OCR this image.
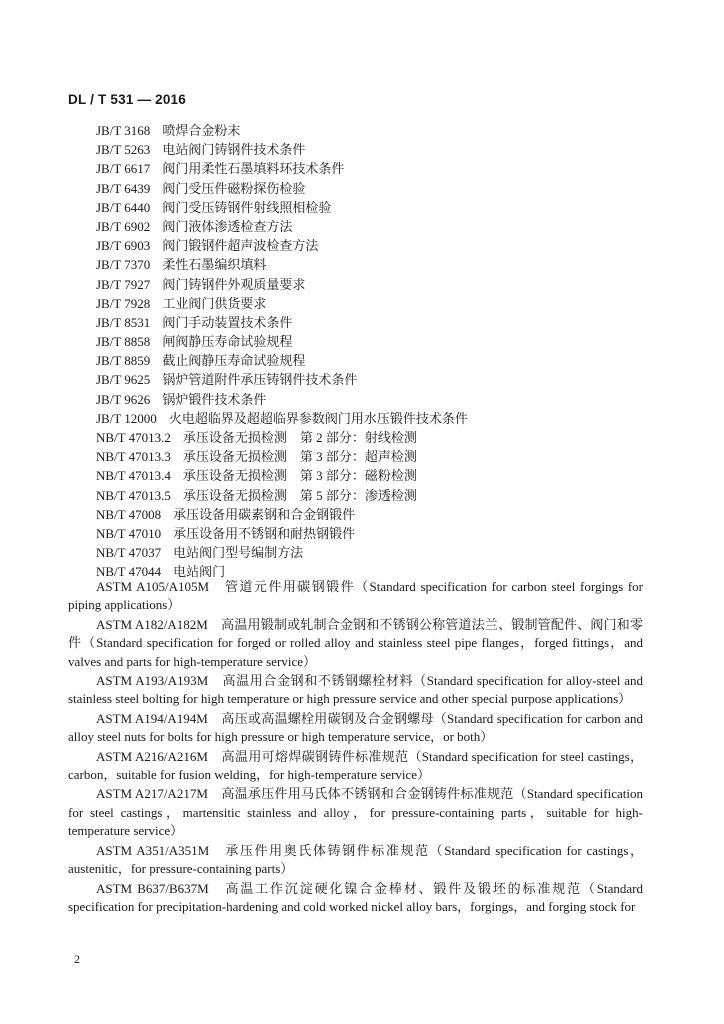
DL / T 531 — 2016
JB/T 3168 喷焊合金粉末
JB/T 5263 电站阀门铸钢件技术条件
JB/T 6617 阀门用柔性石墨填料环技术条件
JB/T 6439 阀门受压件磁粉探伤检验
JB/T 6440 阀门受压铸钢件射线照相检验
JB/T 6902 阀门液体渗透检查方法
JB/T 6903 阀门锻钢件超声波检查方法
JB/T 7370 柔性石墨编织填料
JB/T 7927 阀门铸钢件外观质量要求
JB/T 7928 工业阀门供货要求
JB/T 8531 阀门手动装置技术条件
JB/T 8858 闸阀静压寿命试验规程
JB/T 8859 截止阀静压寿命试验规程
JB/T 9625 锅炉管道附件承压铸钢件技术条件
JB/T 9626 锅炉锻件技术条件
JB/T 12000 火电超临界及超超临界参数阀门用水压锻件技术条件
NB/T 47013.2 承压设备无损检测　第 2 部分：射线检测
NB/T 47013.3 承压设备无损检测　第 3 部分：超声检测
NB/T 47013.4 承压设备无损检测　第 3 部分：磁粉检测
NB/T 47013.5 承压设备无损检测　第 5 部分：渗透检测
NB/T 47008 承压设备用碳素钢和合金钢锻件
NB/T 47010 承压设备用不锈钢和耐热钢锻件
NB/T 47037 电站阀门型号编制方法
NB/T 47044 电站阀门

ASTM A105/A105M　管道元件用碳钢锻件（Standard specification for carbon steel forgings for piping applications）

ASTM A182/A182M　高温用锻制或轧制合金钢和不锈钢公称管道法兰、锻制管配件、阀门和零件（Standard specification for forged or rolled alloy and stainless steel pipe flanges，forged fittings，and valves and parts for high-temperature service）

ASTM A193/A193M　高温用合金钢和不锈钢螺栓材料（Standard specification for alloy-steel and stainless steel bolting for high temperature or high pressure service and other special purpose applications）

ASTM A194/A194M　高压或高温螺栓用碳钢及合金钢螺母（Standard specification for carbon and alloy steel nuts for bolts for high pressure or high temperature service，or both）

ASTM A216/A216M　高温用可熔焊碳钢铸件标准规范（Standard specification for steel castings，carbon，suitable for fusion welding，for high-temperature service）

ASTM A217/A217M　高温承压件用马氏体不锈钢和合金钢铸件标准规范（Standard specification for steel castings，martensitic stainless and alloy，for pressure-containing parts，suitable for high-temperature service）

ASTM A351/A351M　承压件用奥氏体铸钢件标准规范（Standard specification for castings，austenitic，for pressure-containing parts）

ASTM B637/B637M　高温工作沉淀硬化镍合金棒材、锻件及锻坯的标准规范（Standard specification for precipitation-hardening and cold worked nickel alloy bars，forgings，and forging stock for

2
